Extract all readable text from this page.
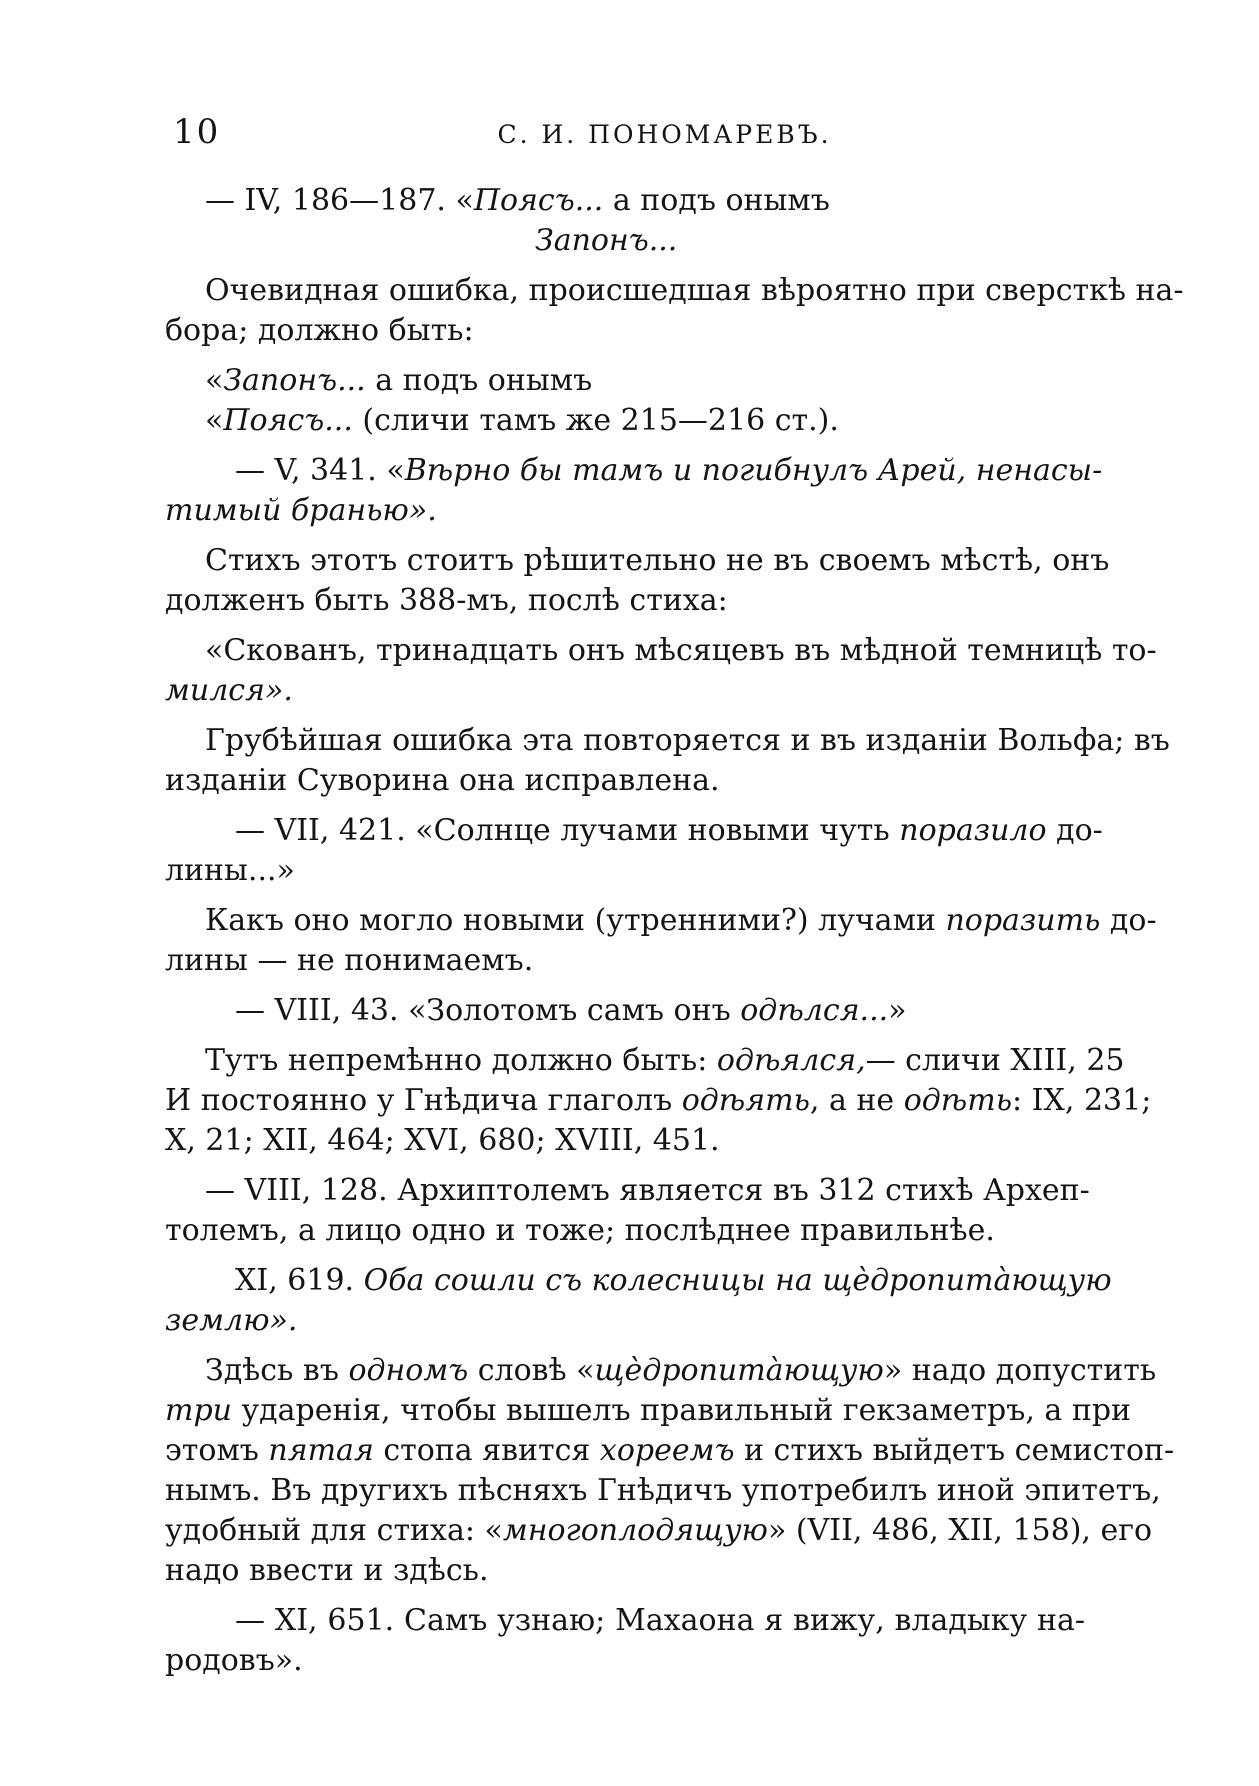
10	С. И. ПОНОМАРЕВЪ.
— IV, 186—187. «Поясъ... а подъ онымъ
Запонъ...
Очевидная ошибка, происшедшая вѣроятно при сверсткѣ на-
бора; должно быть:
«Запонъ... а подъ онымъ
«Поясъ... (сличи тамъ же 215—216 ст.).
— V, 341. «Вѣрно бы тамъ и погибнулъ Арей, ненасы-
тимый бранью».
Стихъ этотъ стоитъ рѣшительно не въ своемъ мѣстѣ, онъ
долженъ быть 388-мъ, послѣ стиха:
«Скованъ, тринадцать онъ мѣсяцевъ въ мѣдной темницѣ то-
мился».
Грубѣйшая ошибка эта повторяется и въ изданіи Вольфа; въ
изданіи Суворина она исправлена.
— VII, 421. «Солнце лучами новыми чуть поразило до-
лины...»
Какъ оно могло новыми (утренними?) лучами поразить до-
лины — не понимаемъ.
— VIII, 43. «Золотомъ самъ онъ одѣлся...»
Тутъ непремѣнно должно быть: одѣялся,— сличи XIII, 25
И постоянно у Гнѣдича глаголъ одѣять, а не одѣть: IX, 231;
X, 21; XII, 464; XVI, 680; XVIII, 451.
— VIII, 128. Архиптолемъ является въ 312 стихѣ Археп-
толемъ, а лицо одно и тоже; послѣднее правильнѣе.
XI, 619. Оба сошли съ колесницы на щѐдропитàющую
землю».
Здѣсь въ одномъ словѣ «щѐдропитàющую» надо допустить
три ударенія, чтобы вышелъ правильный гекзаметръ, а при
этомъ пятая стопа явится хореемъ и стихъ выйдетъ семистоп-
нымъ. Въ другихъ пѣсняхъ Гнѣдичъ употребилъ иной эпитетъ,
удобный для стиха: «многоплодящую» (VII, 486, XII, 158), его
надо ввести и здѣсь.
— XI, 651. Самъ узнаю; Махаона я вижу, владыку на-
родовъ».
